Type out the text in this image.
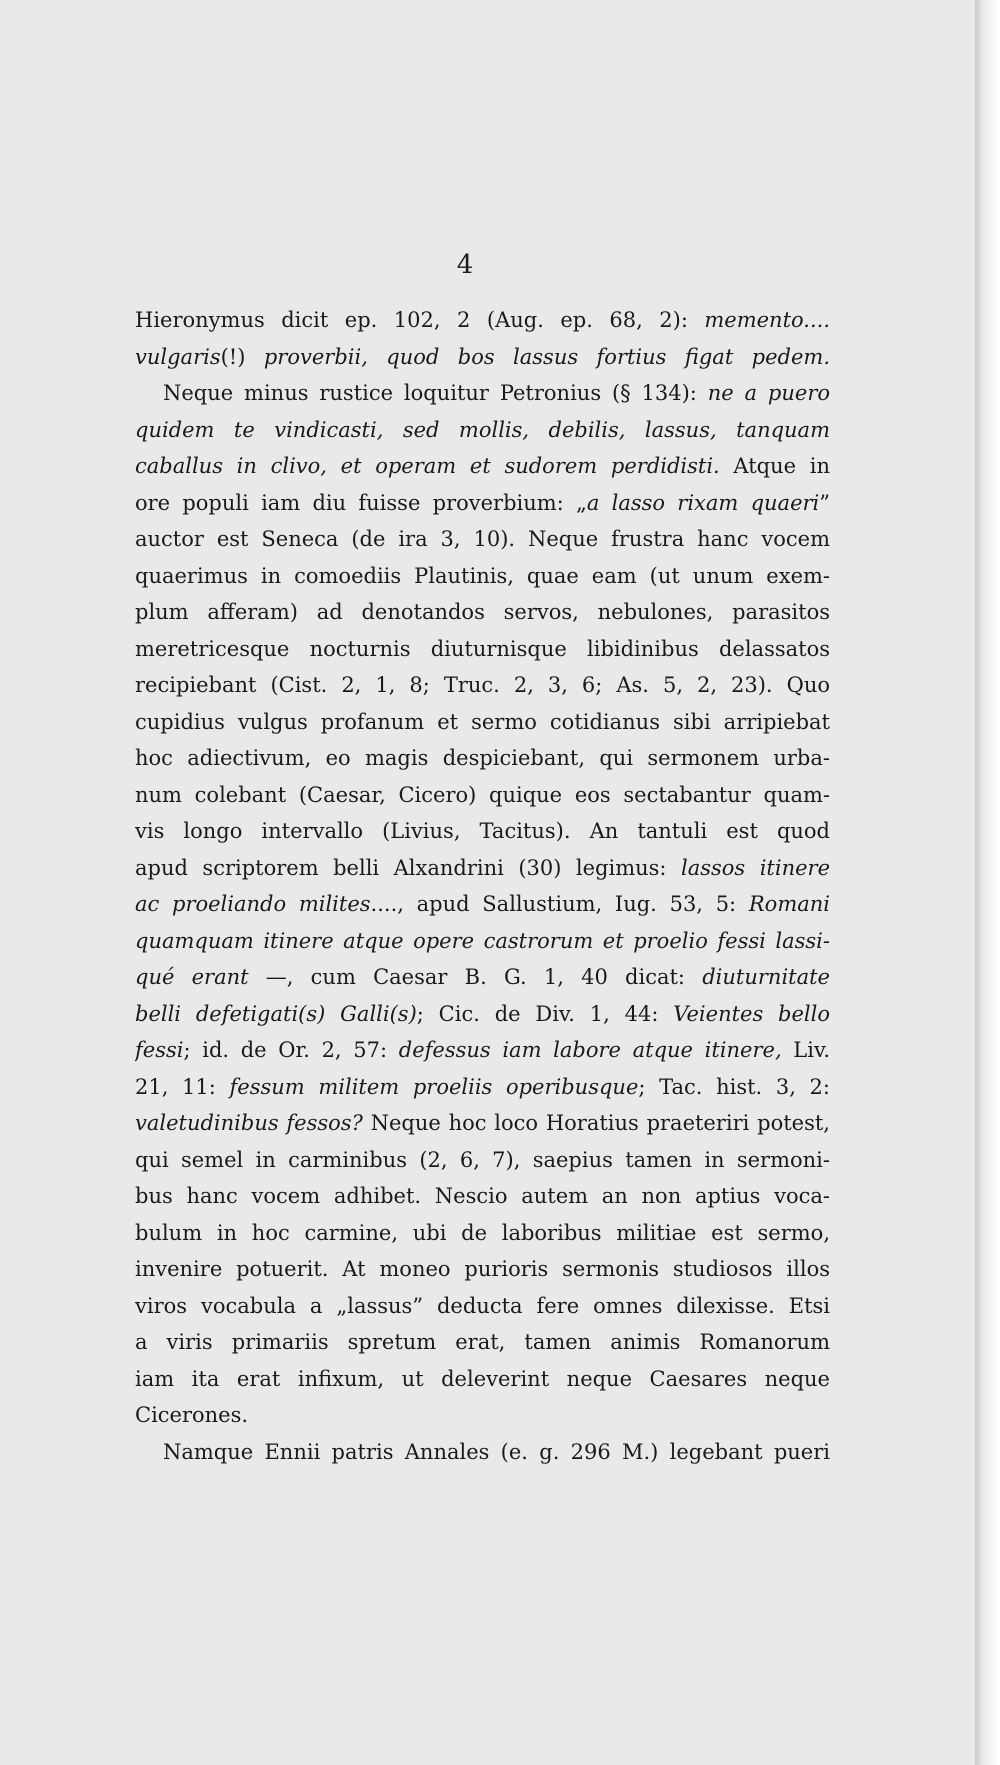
4

Hieronymus dicit ep. 102, 2 (Aug. ep. 68, 2): memento....
vulgaris(!) proverbii, quod bos lassus fortius figat pedem.
Neque minus rustice loquitur Petronius (§ 134): ne a puero
quidem te vindicasti, sed mollis, debilis, lassus, tanquam
caballus in clivo, et operam et sudorem perdidisti. Atque in
ore populi iam diu fuisse proverbium: „a lasso rixam quaeri”
auctor est Seneca (de ira 3, 10). Neque frustra hanc vocem
quaerimus in comoediis Plautinis, quae eam (ut unum exem-
plum afferam) ad denotandos servos, nebulones, parasitos
meretricesque nocturnis diuturnisque libidinibus delassatos
recipiebant (Cist. 2, 1, 8; Truc. 2, 3, 6; As. 5, 2, 23). Quo
cupidius vulgus profanum et sermo cotidianus sibi arripiebat
hoc adiectivum, eo magis despiciebant, qui sermonem urba-
num colebant (Caesar, Cicero) quique eos sectabantur quam-
vis longo intervallo (Livius, Tacitus). An tantuli est quod
apud scriptorem belli Alxandrini (30) legimus: lassos itinere
ac proeliando milites...., apud Sallustium, Iug. 53, 5: Romani
quamquam itinere atque opere castrorum et proelio fessi lassi-
qué erant —, cum Caesar B. G. 1, 40 dicat: diuturnitate
belli defetigati(s) Galli(s); Cic. de Div. 1, 44: Veientes bello
fessi; id. de Or. 2, 57: defessus iam labore atque itinere, Liv.
21, 11: fessum militem proeliis operibusque; Tac. hist. 3, 2:
valetudinibus fessos? Neque hoc loco Horatius praeteriri potest,
qui semel in carminibus (2, 6, 7), saepius tamen in sermoni-
bus hanc vocem adhibet. Nescio autem an non aptius voca-
bulum in hoc carmine, ubi de laboribus militiae est sermo,
invenire potuerit. At moneo purioris sermonis studiosos illos
viros vocabula a „lassus” deducta fere omnes dilexisse. Etsi
a viris primariis spretum erat, tamen animis Romanorum
iam ita erat infixum, ut deleverint neque Caesares neque
Cicerones.
Namque Ennii patris Annales (e. g. 296 M.) legebant pueri
